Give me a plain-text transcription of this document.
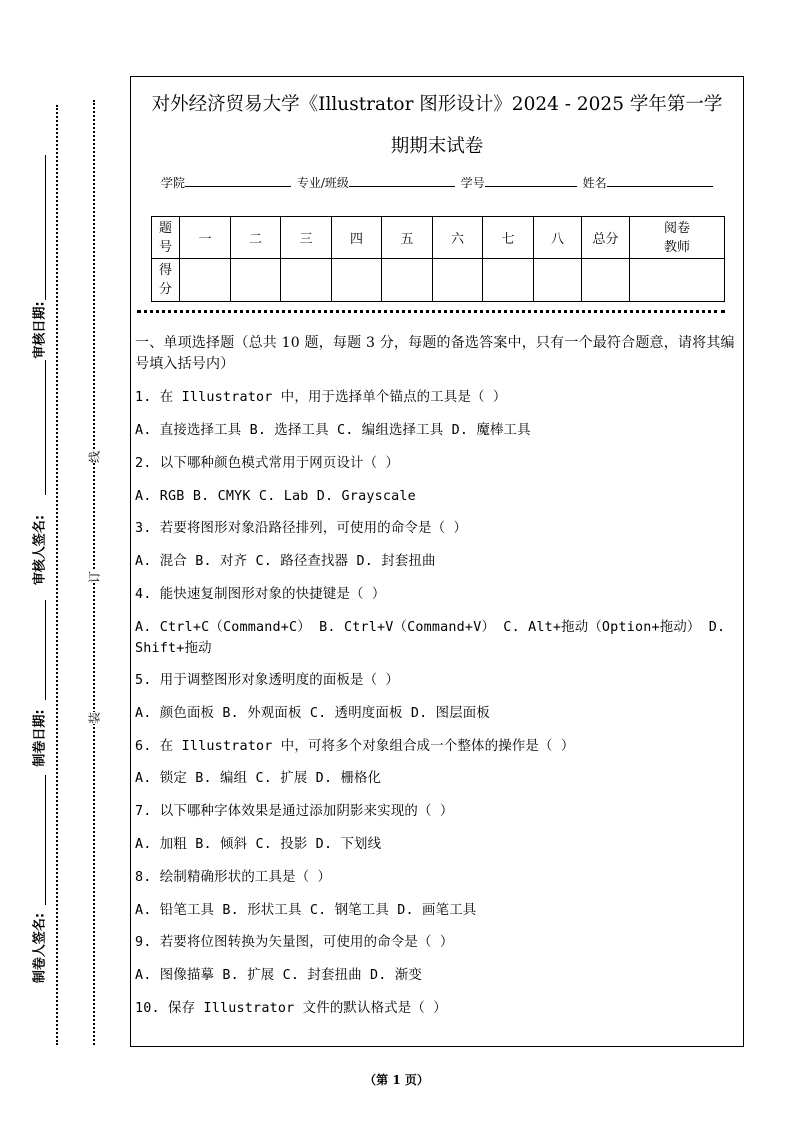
审核日期:
审核人签名:
制卷日期:
制卷人签名:
线
订
装
对外经济贸易大学《Illustrator 图形设计》2024 - 2025 学年第一学
期期末试卷
学院	专业/班级	学号	姓名
题号	一	二	三	四	五	六	七	八	总分	阅卷教师
得分										
一、单项选择题（总共 10 题，每题 3 分，每题的备选答案中，只有一个最符合题意，请将其编号填入括号内）
1. 在 Illustrator 中，用于选择单个锚点的工具是（ ）
A. 直接选择工具 B. 选择工具 C. 编组选择工具 D. 魔棒工具
2. 以下哪种颜色模式常用于网页设计（ ）
A. RGB B. CMYK C. Lab D. Grayscale
3. 若要将图形对象沿路径排列，可使用的命令是（ ）
A. 混合 B. 对齐 C. 路径查找器 D. 封套扭曲
4. 能快速复制图形对象的快捷键是（ ）
A. Ctrl+C（Command+C） B. Ctrl+V（Command+V） C. Alt+拖动（Option+拖动） D. Shift+拖动
5. 用于调整图形对象透明度的面板是（ ）
A. 颜色面板 B. 外观面板 C. 透明度面板 D. 图层面板
6. 在 Illustrator 中，可将多个对象组合成一个整体的操作是（ ）
A. 锁定 B. 编组 C. 扩展 D. 栅格化
7. 以下哪种字体效果是通过添加阴影来实现的（ ）
A. 加粗 B. 倾斜 C. 投影 D. 下划线
8. 绘制精确形状的工具是（ ）
A. 铅笔工具 B. 形状工具 C. 钢笔工具 D. 画笔工具
9. 若要将位图转换为矢量图，可使用的命令是（ ）
A. 图像描摹 B. 扩展 C. 封套扭曲 D. 渐变
10. 保存 Illustrator 文件的默认格式是（ ）
（第 1 页）
